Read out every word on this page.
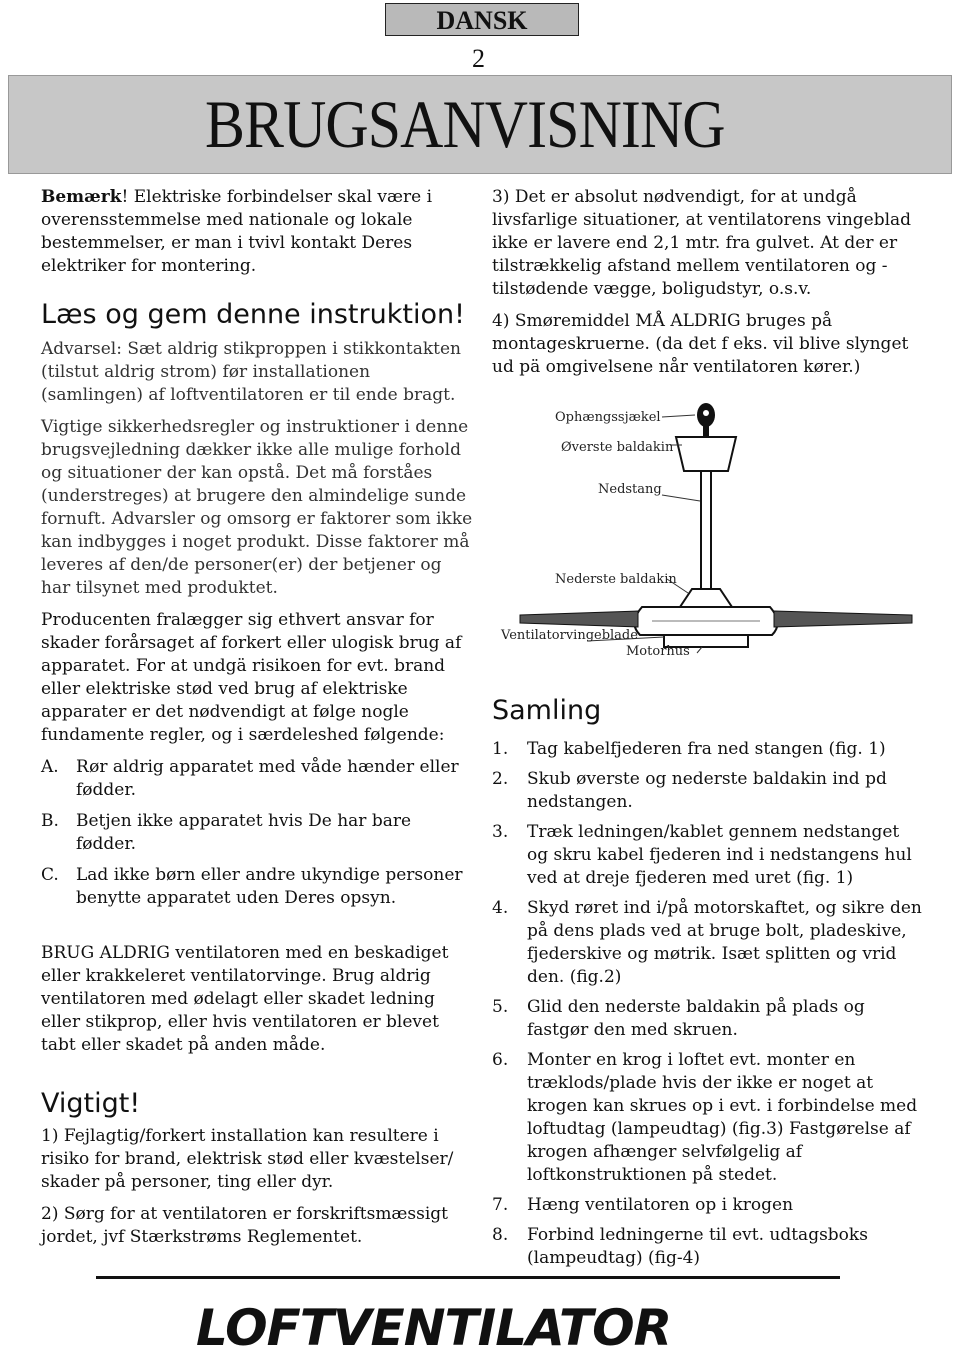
DANSK
2
BRUGSANVISNING

Bemærk! Elektriske forbindelser skal være i overensstemmelse med nationale og lokale bestemmelser, er man i tvivl kontakt Deres elektriker for montering.

Læs og gem denne instruktion!

Advarsel: Sæt aldrig stikproppen i stikkontakten (tilstut aldrig strom) før installationen (samlingen) af loftventilatoren er til ende bragt.

Vigtige sikkerhedsregler og instruktioner i denne brugsvejledning dækker ikke alle mulige forhold og situationer der kan opstå. Det må forståes (understreges) at brugere den almindelige sunde fornuft. Advarsler og omsorg er faktorer som ikke kan indbygges i noget produkt. Disse faktorer må leveres af den/de personer(er) der betjener og har tilsynet med produktet.

Producenten fralægger sig ethvert ansvar for skader forårsaget af forkert eller ulogisk brug af apparatet. For at undgä risikoen for evt. brand eller elektriske stød ved brug af elektriske apparater er det nødvendigt at følge nogle fundamente regler, og i særdeleshed følgende:

A.	Rør aldrig apparatet med våde hænder eller fødder.
B.	Betjen ikke apparatet hvis De har bare fødder.
C.	Lad ikke børn eller andre ukyndige personer benytte apparatet uden Deres opsyn.

BRUG ALDRIG ventilatoren med en beskadiget eller krakkeleret ventilatorvinge. Brug aldrig ventilatoren med ødelagt eller skadet ledning eller stikprop, eller hvis ventilatoren er blevet tabt eller skadet på anden måde.

Vigtigt!

1) Fejlagtig/forkert installation kan resultere i risiko for brand, elektrisk stød eller kvæstelser/ skader på personer, ting eller dyr.

2) Sørg for at ventilatoren er forskriftsmæssigt jordet, jvf Stærkstrøms Reglementet.

3) Det er absolut nødvendigt, for at undgå livsfarlige situationer, at ventilatorens vingeblad ikke er lavere end 2,1 mtr. fra gulvet. At der er tilstrækkelig afstand mellem ventilatoren og -tilstødende vægge, boligudstyr, o.s.v.

4) Smøremiddel MÅ ALDRIG bruges på montageskruerne. (da det f eks. vil blive slynget ud pä omgivelsene når ventilatoren kører.)

Ophængssjækel
Øverste baldakin
Nedstang
Nederste baldakin
Ventilatorvingeblade
Motorhus
Samling
1.	Tag kabelfjederen fra ned stangen (fig. 1)
2.	Skub øverste og nederste baldakin ind pd nedstangen.
3.	Træk ledningen/kablet gennem nedstanget og skru kabel fjederen ind i nedstangens hul ved at dreje fjederen med uret (fig. 1)
4.	Skyd røret ind i/på motorskaftet, og sikre den på dens plads ved at bruge bolt, pladeskive, fjederskive og møtrik. Isæt splitten og vrid den. (fig.2)
5.	Glid den nederste baldakin på plads og fastgør den med skruen.
6.	Monter en krog i loftet evt. monter en træklods/plade hvis der ikke er noget at krogen kan skrues op i evt. i forbindelse med loftudtag (lampeudtag) (fig.3) Fastgørelse af krogen afhænger selvfølgelig af loftkonstruktionen på stedet.
7.	Hæng ventilatoren op i krogen
8.	Forbind ledningerne til evt. udtagsboks (lampeudtag) (fig-4)
LOFTVENTILATOR
